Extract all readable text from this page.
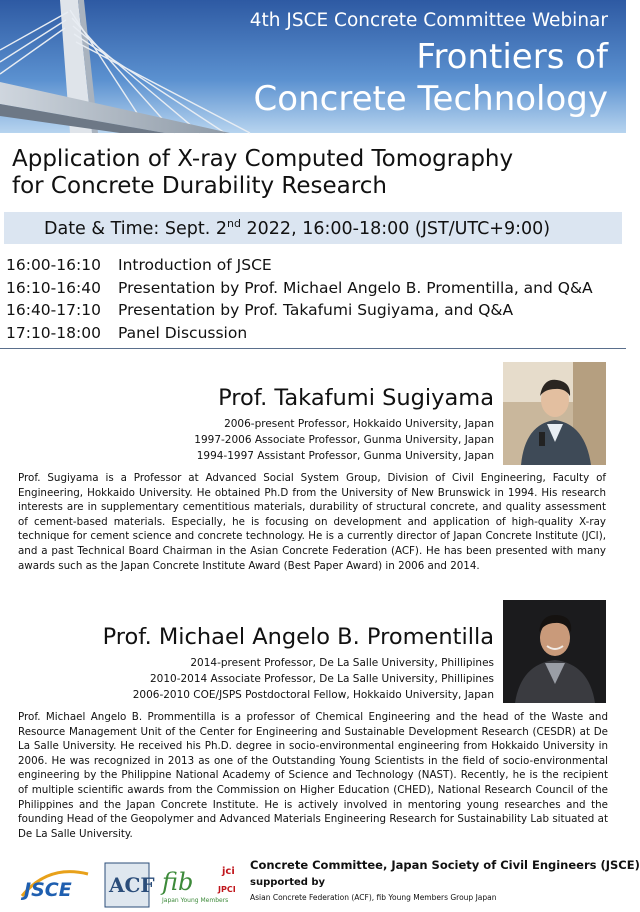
4th JSCE Concrete Committee Webinar
Frontiers of
Concrete Technology
Application of X-ray Computed Tomography
for Concrete Durability Research
Date & Time: Sept. 2nd 2022, 16:00-18:00 (JST/UTC+9:00)
16:00-16:10 Introduction of JSCE
16:10-16:40 Presentation by Prof. Michael Angelo B. Promentilla, and Q&A
16:40-17:10 Presentation by Prof. Takafumi Sugiyama, and Q&A
17:10-18:00 Panel Discussion
Prof. Takafumi Sugiyama
2006-present Professor, Hokkaido University, Japan
1997-2006 Associate Professor, Gunma University, Japan
1994-1997 Assistant Professor, Gunma University, Japan
Prof. Sugiyama is a Professor at Advanced Social System Group, Division of Civil Engineering, Faculty of Engineering, Hokkaido University. He obtained Ph.D from the University of New Brunswick in 1994. His research interests are in supplementary cementitious materials, durability of structural concrete, and quality assessment of cement-based materials. Especially, he is focusing on development and application of high-quality X-ray technique for cement science and concrete technology. He is a currently director of Japan Concrete Institute (JCI), and a past Technical Board Chairman in the Asian Concrete Federation (ACF). He has been presented with many awards such as the Japan Concrete Institute Award (Best Paper Award) in 2006 and 2014.
Prof. Michael Angelo B. Promentilla
2014-present Professor, De La Salle University, Phillipines
2010-2014 Associate Professor, De La Salle University, Phillipines
2006-2010 COE/JSPS Postdoctoral Fellow, Hokkaido University, Japan
Prof. Michael Angelo B. Prommentilla is a professor of Chemical Engineering and the head of the Waste and Resource Management Unit of the Center for Engineering and Sustainable Development Research (CESDR) at De La Salle University. He received his Ph.D. degree in socio-environmental engineering from Hokkaido University in 2006. He was recognized in 2013 as one of the Outstanding Young Scientists in the field of socio-environmental engineering by the Philippine National Academy of Science and Technology (NAST). Recently, he is the recipient of multiple scientific awards from the Commission on Higher Education (CHED), National Research Council of the Philippines and the Japan Concrete Institute. He is actively involved in mentoring young researches and the founding Head of the Geopolymer and Advanced Materials Engineering Research for Sustainability Lab situated at De La Salle University.
JSCE ACF fib
Japan Young Members
jci
JPCI
Concrete Committee, Japan Society of Civil Engineers (JSCE)
supported by
Asian Concrete Federation (ACF), fib Young Members Group Japan
